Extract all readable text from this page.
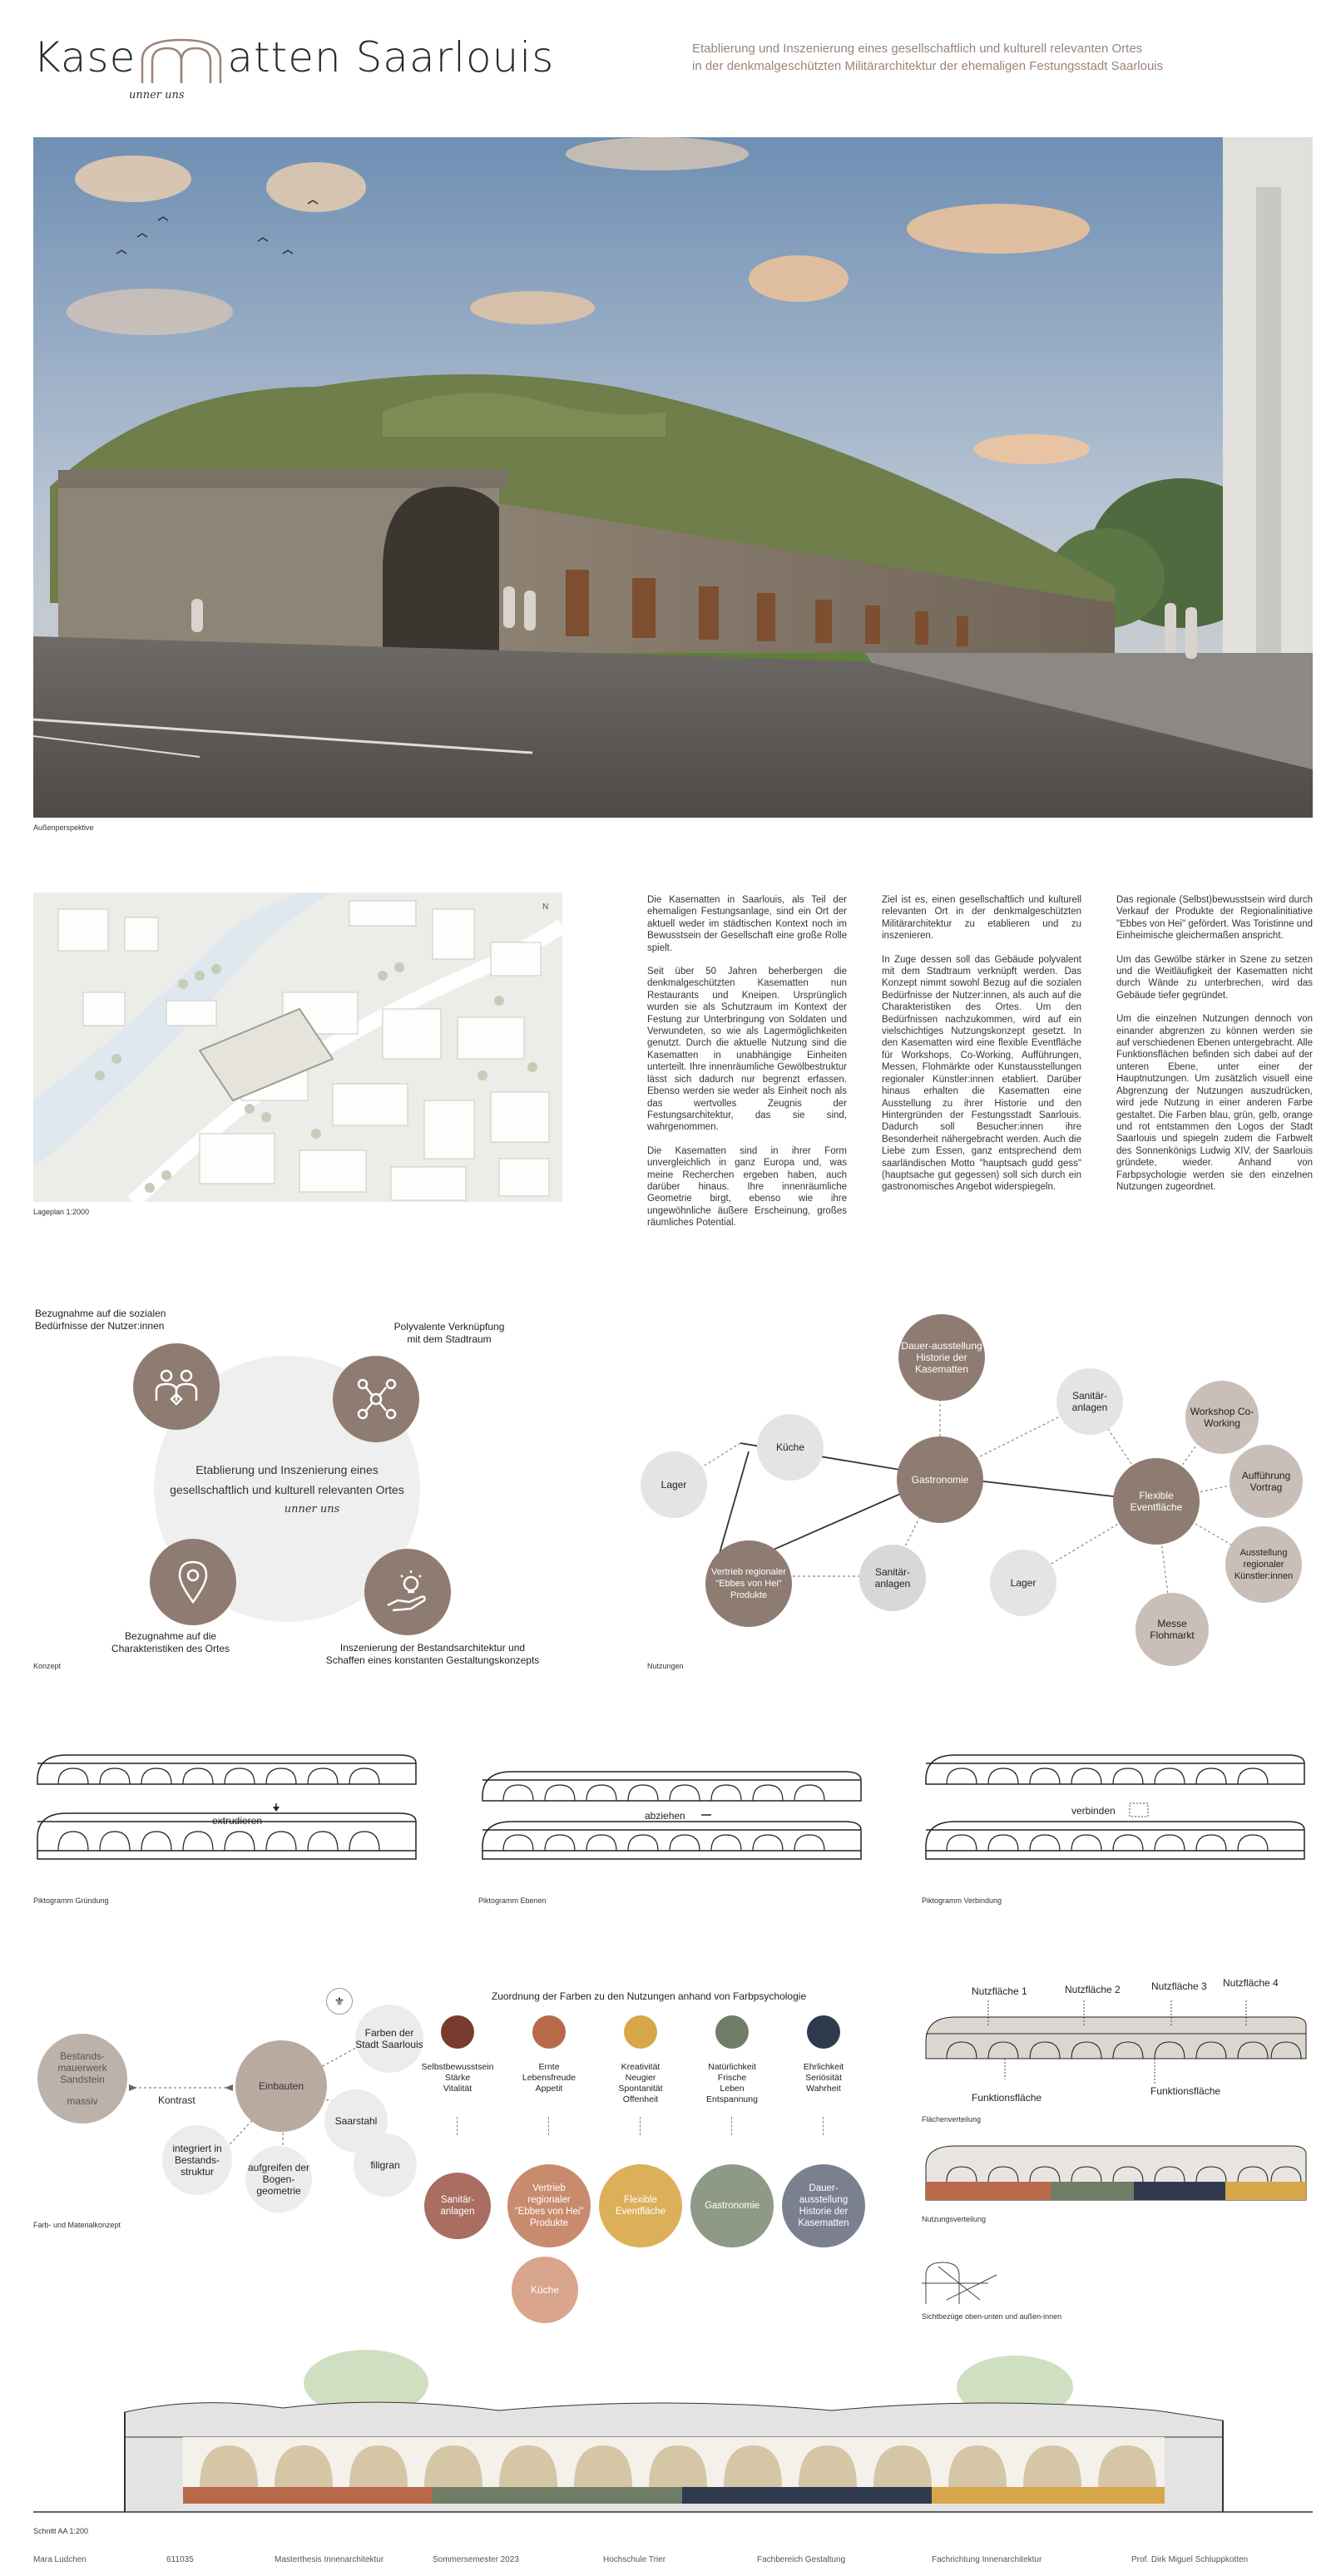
Kase atten Saarlouis
unner uns
Etablierung und Inszenierung eines gesellschaftlich und kulturell relevanten Ortes
in der denkmalgeschützten Militärarchitektur der ehemaligen Festungsstadt Saarlouis
Außenperspektive
N
Lageplan 1:2000

Die Kasematten in Saarlouis, als Teil der ehemaligen Festungsanlage, sind ein Ort der aktuell weder im städtischen Kontext noch im Bewusstsein der Gesellschaft eine große Rolle spielt.

Seit über 50 Jahren beherbergen die denkmalgeschützten Kasematten nun Restaurants und Kneipen. Ursprünglich wurden sie als Schutzraum im Kontext der Festung zur Unterbringung von Soldaten und Verwundeten, so wie als Lagermöglichkeiten genutzt. Durch die aktuelle Nutzung sind die Kasematten in unabhängige Einheiten unterteilt. Ihre innenräumliche Gewölbestruktur lässt sich dadurch nur begrenzt erfassen. Ebenso werden sie weder als Einheit noch als das wertvolles Zeugnis der Festungsarchitektur, das sie sind, wahrgenommen.

Die Kasematten sind in ihrer Form unvergleichlich in ganz Europa und, was meine Recherchen ergeben haben, auch darüber hinaus. Ihre innenräumliche Geometrie birgt, ebenso wie ihre ungewöhnliche äußere Erscheinung, großes räumliches Potential.

Ziel ist es, einen gesellschaftlich und kulturell relevanten Ort in der denkmalgeschützten Militärarchitektur zu etablieren und zu inszenieren.

In Zuge dessen soll das Gebäude polyvalent mit dem Stadtraum verknüpft werden. Das Konzept nimmt sowohl Bezug auf die sozialen Bedürfnisse der Nutzer:innen, als auch auf die Charakteristiken des Ortes. Um den Bedürfnissen nachzukommen, wird auf ein vielschichtiges Nutzungskonzept gesetzt. In den Kasematten wird eine flexible Eventfläche für Workshops, Co-Working, Aufführungen, Messen, Flohmärkte oder Kunstausstellungen regionaler Künstler:innen etabliert. Darüber hinaus erhalten die Kasematten eine Ausstellung zu ihrer Historie und den Hintergründen der Festungsstadt Saarlouis. Dadurch soll Besucher:innen ihre Besonderheit nähergebracht werden. Auch die Liebe zum Essen, ganz entsprechend dem saarländischen Motto "hauptsach gudd gess" (hauptsache gut gegessen) soll sich durch ein gastronomisches Angebot widerspiegeln.

Das regionale (Selbst)bewusstsein wird durch Verkauf der Produkte der Regionalinitiative "Ebbes von Hei" gefördert. Was Toristinne und Einheimische gleichermaßen anspricht.

Um das Gewölbe stärker in Szene zu setzen und die Weitläufigkeit der Kasematten nicht durch Wände zu unterbrechen, wird das Gebäude tiefer gegründet.

Um die einzelnen Nutzungen dennoch von einander abgrenzen zu können werden sie auf verschiedenen Ebenen untergebracht. Alle Funktionsflächen befinden sich dabei auf der unteren Ebene, unter einer der Hauptnutzungen. Um zusätzlich visuell eine Abgrenzung der Nutzungen auszudrücken, wird jede Nutzung in einer anderen Farbe gestaltet. Die Farben blau, grün, gelb, orange und rot entstammen den Logos der Stadt Saarlouis und spiegeln zudem die Farbwelt des Sonnenkönigs Ludwig XIV, der Saarlouis gründete, wieder. Anhand von Farbpsychologie werden sie den einzelnen Nutzungen zugeordnet.

Etablierung und Inszenierung eines
gesellschaftlich und kulturell relevanten Ortes
unner uns
Bezugnahme auf die sozialen
Bedürfnisse der Nutzer:innen	Polyvalente Verknüpfung
mit dem Stadtraum
Bezugnahme auf die
Charakteristiken des Ortes	Inszenierung der Bestandsarchitektur und
Schaffen eines konstanten Gestaltungskonzepts
Konzept
Dauer-ausstellung Historie der Kasematten
Küche
Lager	Gastronomie
Vertrieb regionaler "Ebbes von Hei" Produkte
Sanitär-anlagen
Sanitär-anlagen	Lager
Flexible Eventfläche
Workshop Co-Working
Aufführung Vortrag
Ausstellung regionaler Künstler:innen
Messe Flohmarkt
Nutzungen
extrudieren
Piktogramm Gründung
abziehen
Piktogramm Ebenen
verbinden
Piktogramm Verbindung
Bestands-mauerwerk Sandstein
massiv	Kontrast
Einbauten
Farben der Stadt Saarlouis
⚜
Saarstahl
filigran
integriert in Bestands-struktur	aufgreifen der Bogen-geometrie
Farb- und Materialkonzept
Zuordnung der Farben zu den Nutzungen anhand von Farbpsychologie
Selbstbewusstsein
Stärke
Vitalität
Sanitär-anlagen
Ernte
Lebensfreude
Appetit
Vertrieb regionaler "Ebbes von Hei" Produkte
Kreativität
Neugier
Spontanität
Offenheit
Flexible Eventfläche
Natürlichkeit
Frische
Leben
Entspannung
Gastronomie
Ehrlichkeit
Seriösität
Wahrheit
Dauer-ausstellung Historie der Kasematten
Küche
Nutzfläche 1	Nutzfläche 2	Nutzfläche 3 Nutzfläche 4
Funktionsfläche
Funktionsfläche
Flächenverteilung
Nutzungsverteilung
Sichtbezüge oben-unten und außen-innen
Schnitt AA 1:200
Mara Ludchen	611035	Masterthesis Innenarchitektur	Sommersemester 2023	Hochschule Trier	Fachbereich Gestaltung	Fachrichtung Innenarchitektur	Prof. Dirk Miguel Schluppkotten
